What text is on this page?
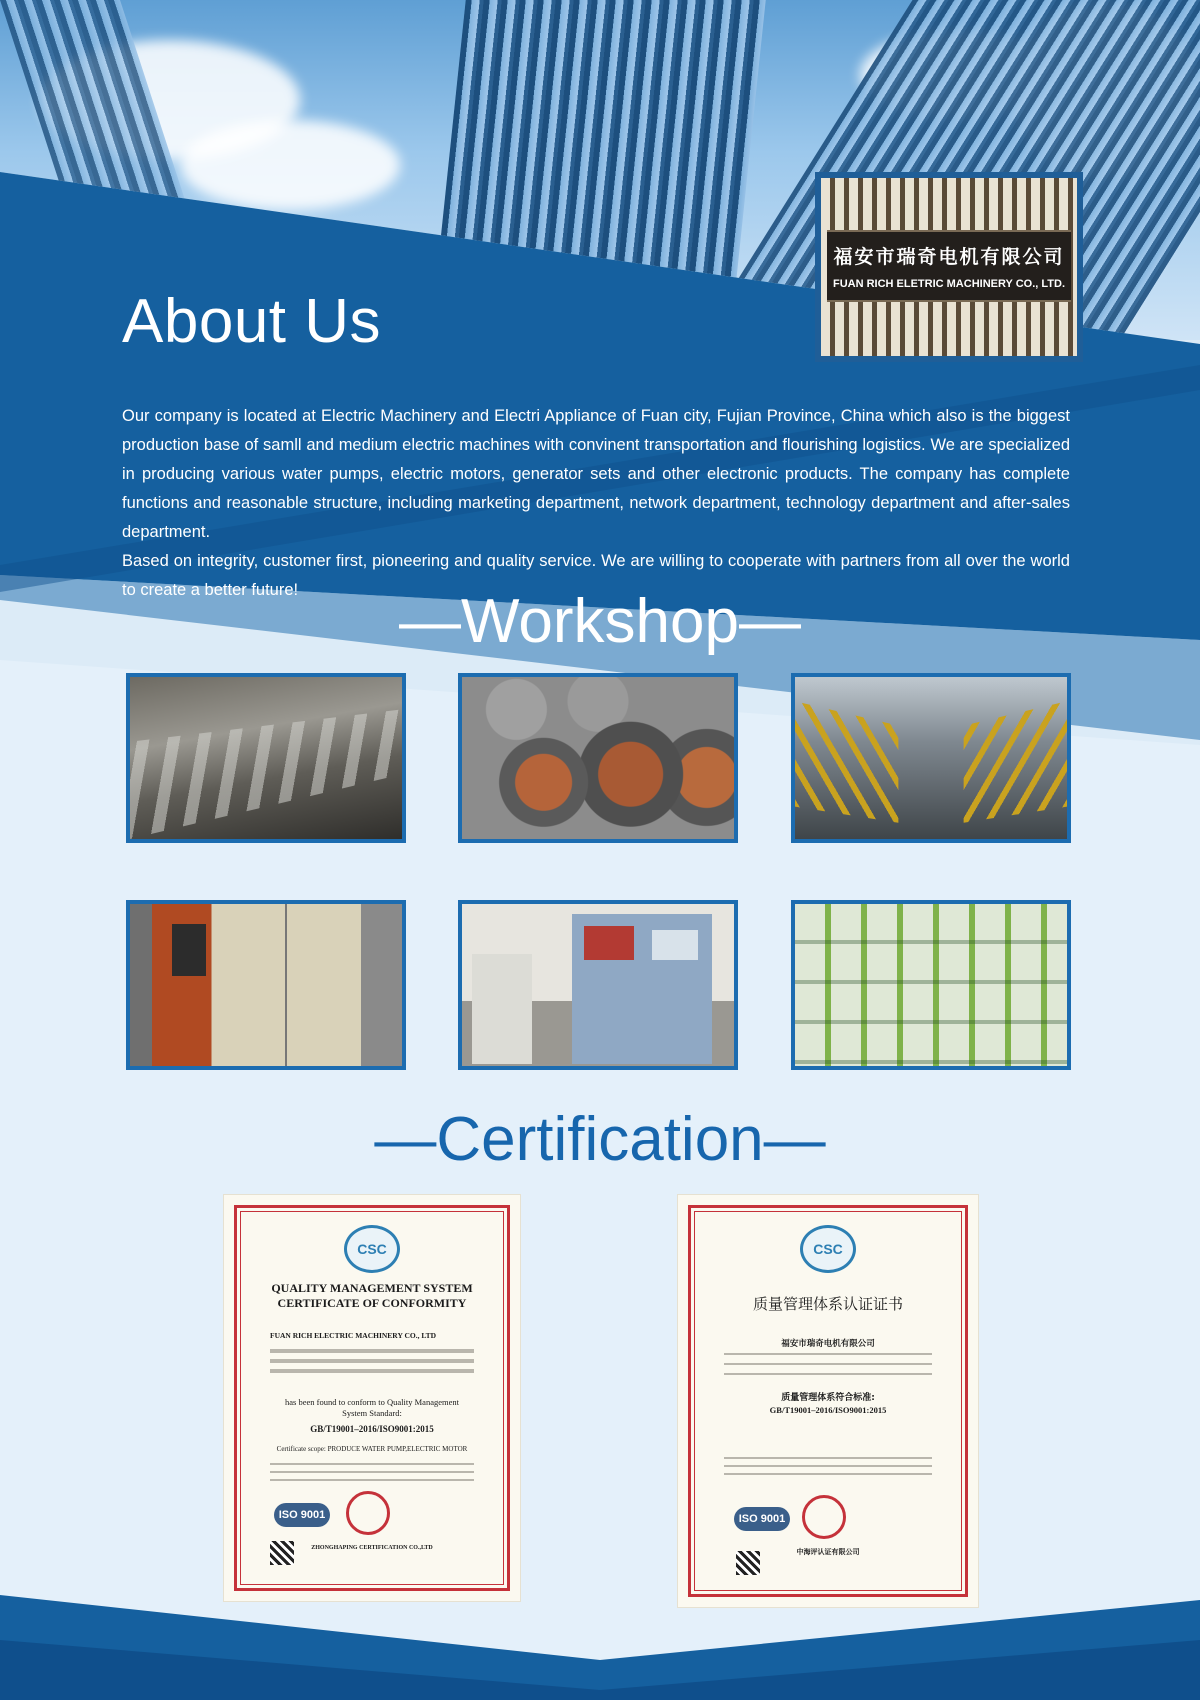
福安市瑞奇电机有限公司
FUAN RICH ELETRIC MACHINERY CO., LTD.
About Us

Our company is located at Electric Machinery and Electri Appliance of Fuan city, Fujian Province, China which also is the biggest production base of samll and medium electric machines with convinent transportation and flourishing logistics. We are specialized in producing various water pumps, electric motors, generator sets and other electronic products. The company has complete functions and reasonable structure, including marketing department, network department, technology department and after-sales department.

Based on integrity, customer first, pioneering and quality service. We are willing to cooperate with partners from all over the world to create a better future!	—Workshop—
—Certification—
CSC
QUALITY MANAGEMENT SYSTEM CERTIFICATE OF CONFORMITY
FUAN RICH ELECTRIC MACHINERY CO., LTD
has been found to conform to Quality Management System Standard:
GB/T19001–2016/ISO9001:2015
Certificate scope: PRODUCE WATER PUMP,ELECTRIC MOTOR
ISO 9001
ZHONGHAPING CERTIFICATION CO.,LTD
CSC
质量管理体系认证证书
福安市瑞奇电机有限公司
质量管理体系符合标准:
GB/T19001–2016/ISO9001:2015
ISO 9001
中海评认证有限公司
